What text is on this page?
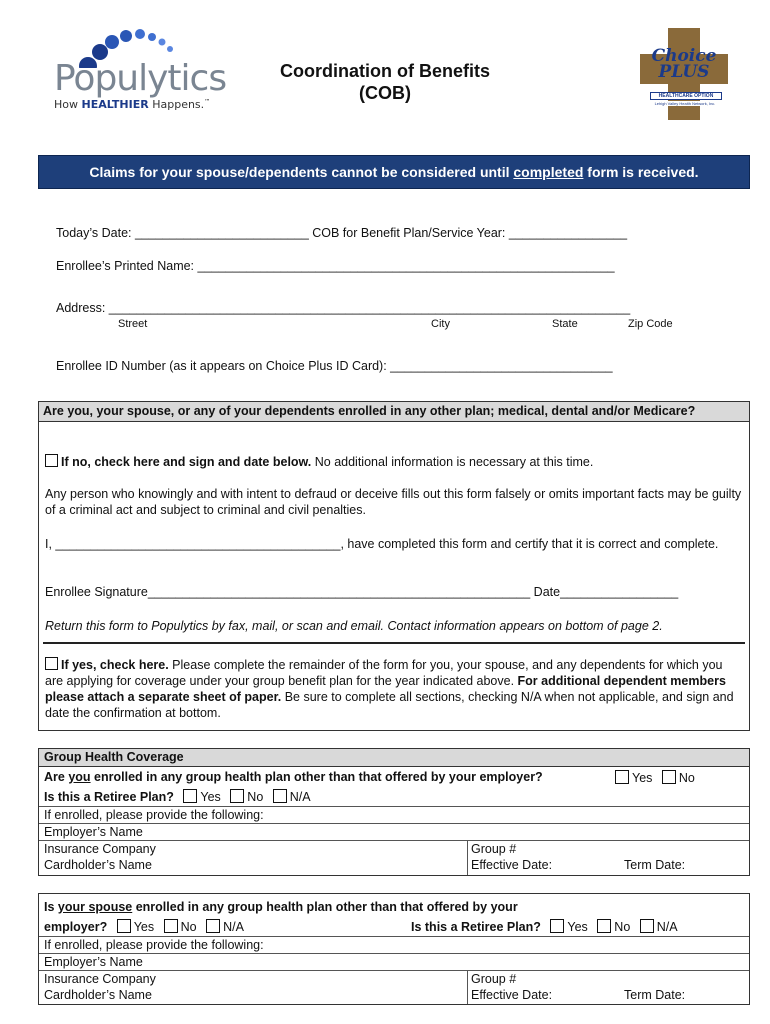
Populytics
How HEALTHIER Happens.™
Coordination of Benefits
(COB)
Choice
PLUS
HEALTHCARE OPTION
Lehigh Valley Health Network, Inc.
Claims for your spouse/dependents cannot be considered until completed form is received.
Today’s Date: _________________________ COB for Benefit Plan/Service Year: _________________
Enrollee’s Printed Name: ____________________________________________________________
Address: ___________________________________________________________________________
Street	City	State	Zip Code
Enrollee ID Number (as it appears on Choice Plus ID Card): ________________________________
Are you, your spouse, or any of your dependents enrolled in any other plan; medical, dental and/or Medicare?
If no, check here and sign and date below. No additional information is necessary at this time.
Any person who knowingly and with intent to defraud or deceive fills out this form falsely or omits important facts may be guilty of a criminal act and subject to criminal and civil penalties.
I, _________________________________________, have completed this form and certify that it is correct and complete.
Enrollee Signature_______________________________________________________ Date_________________
Return this form to Populytics by fax, mail, or scan and email. Contact information appears on bottom of page 2.
If yes, check here. Please complete the remainder of the form for you, your spouse, and any dependents for which you are applying for coverage under your group benefit plan for the year indicated above. For additional dependent members please attach a separate sheet of paper. Be sure to complete all sections, checking N/A when not applicable, and sign and date the confirmation at bottom.
Group Health Coverage
Are you enrolled in any group health plan other than that offered by your employer?	Yes No
Is this a Retiree Plan? Yes No N/A
If enrolled, please provide the following:
Employer’s Name
Insurance Company	Group #
Cardholder’s Name	Effective Date:	Term Date:
Is your spouse enrolled in any group health plan other than that offered by your
employer? Yes No N/A	Is this a Retiree Plan? Yes No N/A
If enrolled, please provide the following:
Employer’s Name
Insurance Company	Group #
Cardholder’s Name	Effective Date:	Term Date:
